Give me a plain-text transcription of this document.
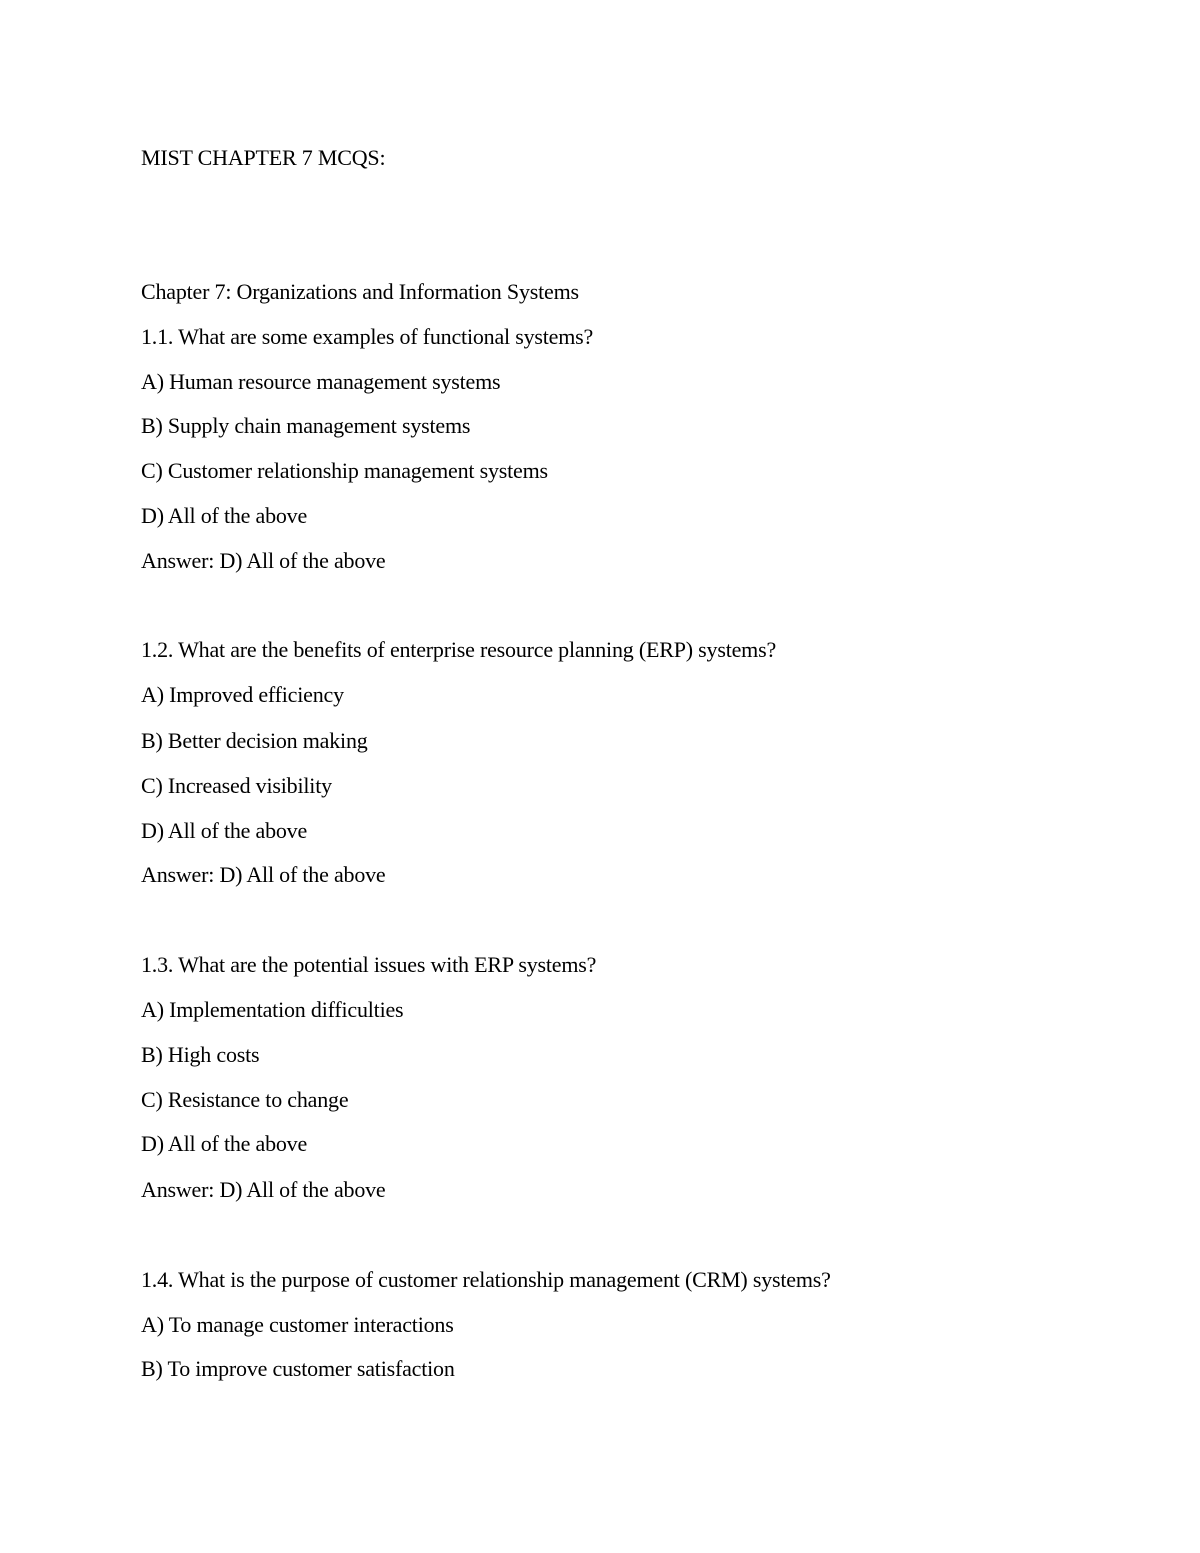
MIST CHAPTER 7 MCQS:
Chapter 7: Organizations and Information Systems
1.1. What are some examples of functional systems?
A) Human resource management systems
B) Supply chain management systems
C) Customer relationship management systems
D) All of the above
Answer: D) All of the above
1.2. What are the benefits of enterprise resource planning (ERP) systems?
A) Improved efficiency
B) Better decision making
C) Increased visibility
D) All of the above
Answer: D) All of the above
1.3. What are the potential issues with ERP systems?
A) Implementation difficulties
B) High costs
C) Resistance to change
D) All of the above
Answer: D) All of the above
1.4. What is the purpose of customer relationship management (CRM) systems?
A) To manage customer interactions
B) To improve customer satisfaction
